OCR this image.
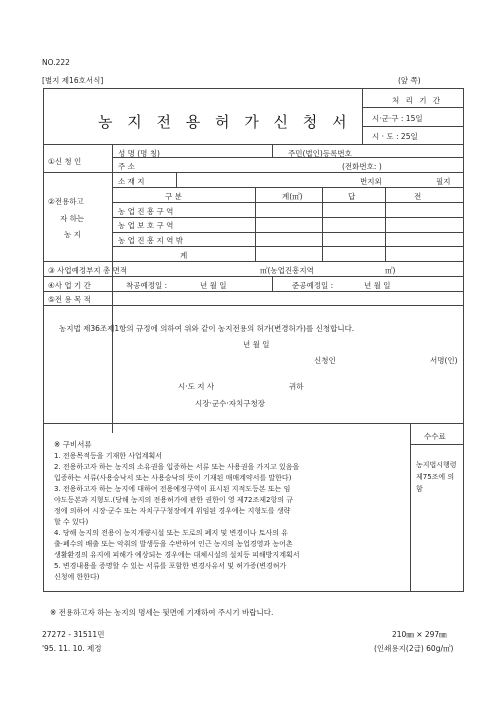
NO.222
[별지 제16호서식]	(앞 쪽)
농 지 전 용 허 가 신 청 서
처 리 기 간
시·군·구 : 15일
시 · 도 : 25일
①신 청 인
성 명 (명 칭)	주민(법인)등록번호
주 소	(전화번호: )
②전용하고
자 하는
농 지
소 재 지	번지외	필지
구 분	계(㎡)	답	전
농 업 진 흥 구 역
농 업 보 호 구 역
농 업 진 흥 지 역 밖
계
③ 사업예정부지 총 면적	㎡(농업진흥지역	㎡)
④사 업 기 간	착공예정일 :	년 월 일	준공예정일 :	년 월 일
⑤전 용 목 적
농지법 제36조제1항의 규정에 의하여 위와 같이 농지전용의 허가(변경허가)를 신청합니다.
년 월 일
신청인	서명(인)
시·도 지 사	귀하
시장·군수·자치구청장
※ 구비서류
1. 전용목적등을 기재한 사업계획서
2. 전용하고자 하는 농지의 소유권을 입증하는 서류 또는 사용권을 가지고 있음을
입증하는 서류(사용승낙서 또는 사용승낙의 뜻이 기재된 매매계약서를 말한다)
3. 전용하고자 하는 농지에 대하여 전용예정구역이 표시된 지적도등본 또는 임
야도등본과 지형도.(당해 농지의 전용허가에 관한 권한이 영 제72조제2항의 규
정에 의하여 시장·군수 또는 자치구구청장에게 위임된 경우에는 지형도를 생략
할 수 있다)
4. 당해 농지의 전용이 농지개량시설 또는 도로의 폐지 및 변경이나 토사의 유
출·폐수의 배출 또는 악취의 발생등을 수반하여 인근 농지의 농업경영과 농어촌
생활환경의 유지에 피해가 예상되는 경우에는 대체시설의 설치등 피해방지계획서
5. 변경내용을 증명할 수 있는 서류를 포함한 변경사유서 및 허가증(변경허가
신청에 한한다)
수수료
농지법시행령
제75조에 의
함
※ 전용하고자 하는 농지의 명세는 뒷면에 기재하여 주시기 바랍니다.
27272 - 31511민
'95. 11. 10. 제정
210㎜ × 297㎜
(인쇄용지(2급) 60g/㎡)
